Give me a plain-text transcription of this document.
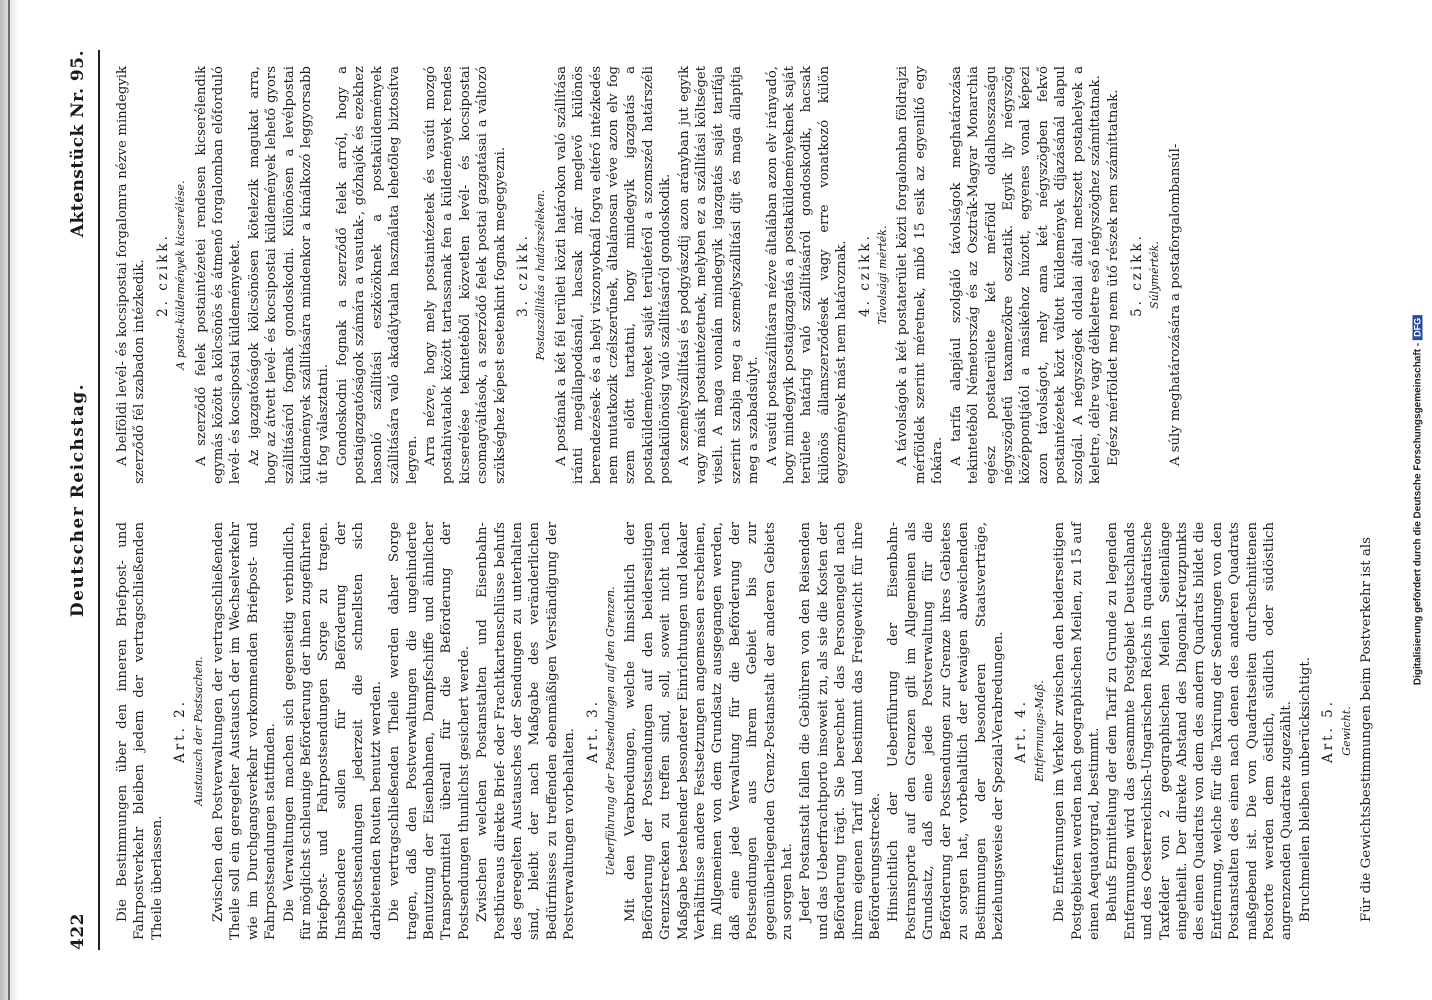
422
Deutscher Reichstag.
Aktenstück Nr. 95.

Die Bestimmungen über den inneren Briefpost- und Fahrpostverkehr bleiben jedem der vertragschließenden Theile überlassen.

Art. 2. Austausch der Postsachen. Zwischen den Postverwaltungen der vertragschließenden Theile soll ein geregelter Austausch der im Wechselverkehr wie im Durchgangsverkehr vorkommenden Briefpost- und Fahrpostsendungen stattfinden. Die Verwaltungen machen sich gegenseitig verbindlich, für möglichst schleunige Beförderung der ihnen zugeführten Briefpost- und Fahrpostsendungen Sorge zu tragen. Insbesondere sollen für Beförderung der Briefpostsendungen jederzeit die schnellsten sich darbietenden Routen benutzt werden. Die vertragschließenden Theile werden daher Sorge tragen, daß den Postverwaltungen die ungehinderte Benutzung der Eisenbahnen, Dampfschiffe und ähnlicher Transportmittel überall für die Beförderung der Postsendungen thunlichst gesichert werde. Zwischen welchen Postanstalten und Eisenbahn-Postbüreaus direkte Brief- oder Frachtkartenschlüsse behufs des geregelten Austausches der Sendungen zu unterhalten sind, bleibt der nach Maßgabe des veränderlichen Bedürfnisses zu treffenden ebenmäßigen Verständigung der Postverwaltungen vorbehalten. Art. 3. Ueberführung der Postsendungen auf den Grenzen. Mit den Verabredungen, welche hinsichtlich der Beförderung der Postsendungen auf den beiderseitigen Grenzstrecken zu treffen sind, soll, soweit nicht nach Maßgabe bestehender besonderer Einrichtungen und lokaler Verhältnisse andere Festsetzungen angemessen erscheinen, im Allgemeinen von dem Grundsatz ausgegangen werden, daß eine jede Verwaltung für die Beförderung der Postsendungen aus ihrem Gebiet bis zur gegenüberliegenden Grenz-Postanstalt der anderen Gebiets zu sorgen hat. Jeder Postanstalt fallen die Gebühren von den Reisenden und das Ueberfrachtporto insoweit zu, als sie die Kosten der Beförderung trägt. Sie berechnet das Personengeld nach ihrem eigenen Tarif und bestimmt das Freigewicht für ihre Beförderungsstrecke. Hinsichtlich der Ueberführung der Eisenbahn-Postransporte auf den Grenzen gilt im Allgemeinen als Grundsatz, daß eine jede Postverwaltung für die Beförderung der Postsendungen zur Grenze ihres Gebietes zu sorgen hat, vorbehaltlich der etwaigen abweichenden Bestimmungen der besonderen Staatsverträge, beziehungsweise der Spezial-Verabredungen. Art. 4. Entfernungs-Maß. Die Entfernungen im Verkehr zwischen den beiderseitigen Postgebieten werden nach geographischen Meilen, zu 15 auf einen Aequatorgrad, bestimmt. Behufs Ermittelung der dem Tarif zu Grunde zu legenden Entfernungen wird das gesammte Postgebiet Deutschlands und des Oesterreichisch-Ungarischen Reichs in quadratische Taxfelder von 2 geographischen Meilen Seitenlänge eingetheilt. Der direkte Abstand des Diagonal-Kreuzpunkts des einen Quadrats von dem des andern Quadrats bildet die Entfernung, welche für die Taxirung der Sendungen von den Postanstalten des einen nach denen des anderen Quadrats maßgebend ist. Die von Quadratseiten durchschnittenen Postorte werden dem östlich, südlich oder südöstlich angrenzenden Quadrate zugezählt. Bruchmeilen bleiben unberücksichtigt. Art. 5. Gewicht. Für die Gewichtsbestimmungen beim Postverkehr ist als

A belföldi levél- és kocsipostai forgalomra nézve mindegyik szerződő fél szabadon intézkedik. 2. czikk. A posta-küldemények kicserélése. A szerződő felek postaintézetei rendesen kicserélendik egymás között a kölcsönös és átmenő forgalomban előforduló levél- és kocsipostai küldeményeket. Az igazgatóságok kölcsönösen kötelezik magukat arra, hogy az átvett levél- és kocsipostai küldemények lehető gyors szállításáról fognak gondoskodni. Különösen a levélpostai küldemények szállítására mindenkor a kínálkozó leggyorsabb út fog választatni. Gondoskodni fognak a szerződő felek arról, hogy a postaigazgatóságok számára a vasutak-, gőzhajók és ezekhez hasonló szállítási eszközöknek a postaküldemények szállítására való akadálytalan használata lehetőleg biztosítva legyen. Arra nézve, hogy mely postaintézetek és vasúti mozgó postahivatalok között tartassanak fen a küldemények rendes kicserélése tekintetéből közvetlen levél- és kocsipostai csomagváltások, a szerződő felek postai gazgatásai a változó szükséghez képest esetenkint fognak megegyezni. 3. czikk. Postaszállítás a határszéleken. A postának a két fél területi közti határokon való szállítása iránti megállapodásnál, hacsak már meglevő különös berendezések- és a helyi viszonyoknál fogva eltérő intézkedés nem mutatkozik czélszerűnek, általánosan véve azon elv fog szem előtt tartatni, hogy mindegyik igazgatás a postaküldeményeket saját területéről a szomszéd határszéli postakülönösig való szállításáról gondoskodik. A személyszállítási és podgyászdíj azon arányban jut egyik vagy másik postaintézetnek, melyben ez a szállítási költséget viseli. A maga vonalán mindegyik igazgatás saját tarifája szerint szabja meg a személyszállítási díjt és maga állapítja meg a szabadsúlyt. A vasúti postaszállításra nézve általában azon elv irányadó, hogy mindegyik postaigazgatás a postaküldeményeknek saját területe határig való szállításáról gondoskodik, hacsak különös államszerződések vagy erre vonatkozó külön egyezmények mást nem határoznak. 4. czikk. Távolsági mérték. A távolságok a két postaterület közti forgalomban földrajzi mérföldek szerint méretnek, mibő 15 esik az egyenlítő egy fokára. A tarifa alapjául szolgáló távolságok meghatározása tekintetéből Németország és az Osztrák-Magyar Monarchia egész postaterülete két mérföld oldalhosszaságu négyszögletű taxamezőkre osztatik. Egyik ily négyszög középpontjától a másikéhoz húzott, egyenes vonal képezi azon távolságot, mely ama két négyszögben fekvő postaintézetek közt váltott küldemények díjazásánál alapul szolgál. A négyszögek oldalai által metszett postahelyek a keletre, délre vagy délkeletre eső négyszöghez számíttatnak. Egész mérföldet meg nem ütő részek nem számíttatnak. 5. czikk. Súlymérték. A súly meghatározására a postaforgalombansúl-

Digitalisierung gefördert durch die Deutsche Forschungsgemeinschaft -DFG
